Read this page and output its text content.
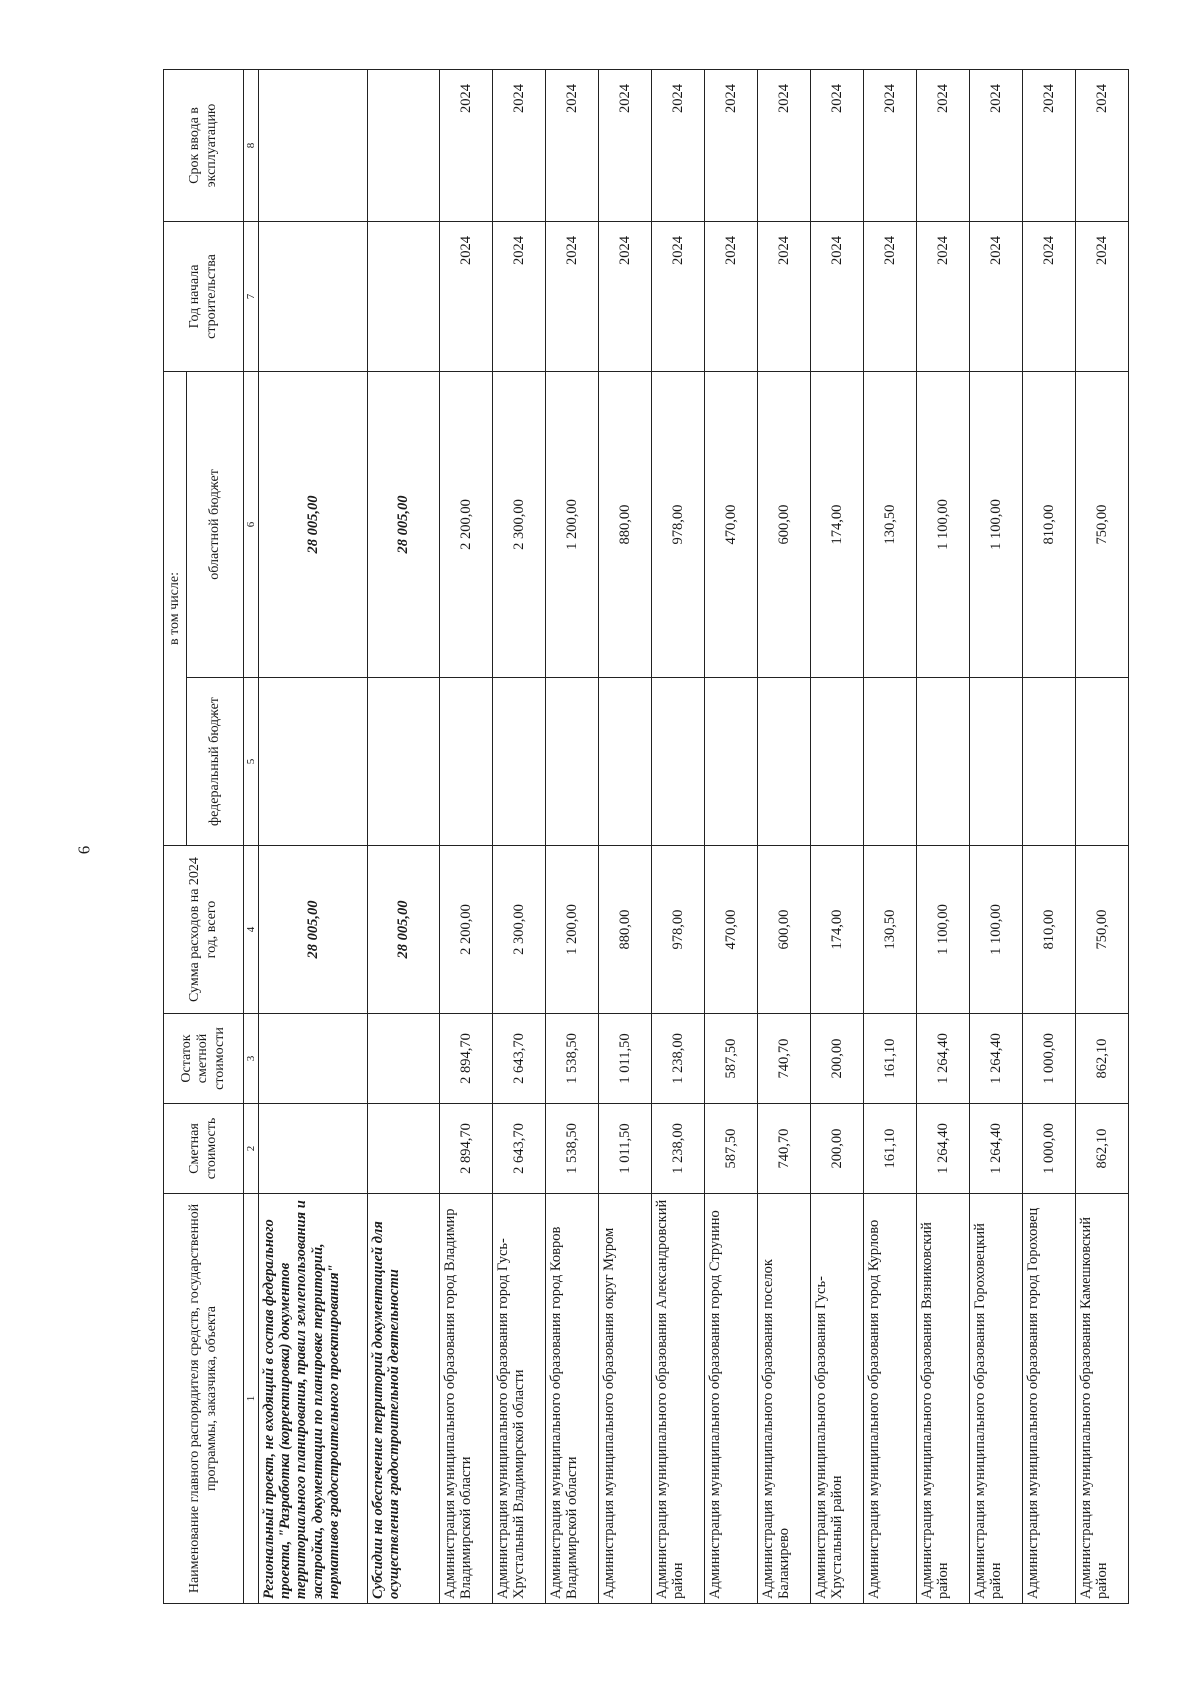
6
Наименование главного распорядителя средств, государственной программы, заказчика, объекта	Сметная стоимость	Остаток сметной стоимости	Сумма расходов на 2024 год, всего	в том числе:		Год начала строительства	Срок ввода в эксплуатацию
				федеральный бюджет	областной бюджет		
1	2	3	4	5	6	7	8
Региональный проект, не входящий в состав федерального проекта, "Разработка (корректировка) документов территориального планирования, правил землепользования и застройки, документации по планировке территорий, нормативов градостроительного проектирования"			28 005,00		28 005,00		
Субсидии на обеспечение территорий документацией для осуществления градостроительной деятельности			28 005,00		28 005,00		
Администрация муниципального образования город Владимир Владимирской области	2 894,70	2 894,70	2 200,00		2 200,00	2024	2024
Администрация муниципального образования город Гусь-Хрустальный Владимирской области	2 643,70	2 643,70	2 300,00		2 300,00	2024	2024
Администрация муниципального образования город Ковров Владимирской области	1 538,50	1 538,50	1 200,00		1 200,00	2024	2024
Администрация муниципального образования округ Муром	1 011,50	1 011,50	880,00		880,00	2024	2024
Администрация муниципального образования Александровский район	1 238,00	1 238,00	978,00		978,00	2024	2024
Администрация муниципального образования город Струнино	587,50	587,50	470,00		470,00	2024	2024
Администрация муниципального образования поселок Балакирево	740,70	740,70	600,00		600,00	2024	2024
Администрация муниципального образования Гусь-Хрустальный район	200,00	200,00	174,00		174,00	2024	2024
Администрация муниципального образования город Курлово	161,10	161,10	130,50		130,50	2024	2024
Администрация муниципального образования Вязниковский район	1 264,40	1 264,40	1 100,00		1 100,00	2024	2024
Администрация муниципального образования Гороховецкий район	1 264,40	1 264,40	1 100,00		1 100,00	2024	2024
Администрация муниципального образования город Гороховец	1 000,00	1 000,00	810,00		810,00	2024	2024
Администрация муниципального образования Камешковский район	862,10	862,10	750,00		750,00	2024	2024
